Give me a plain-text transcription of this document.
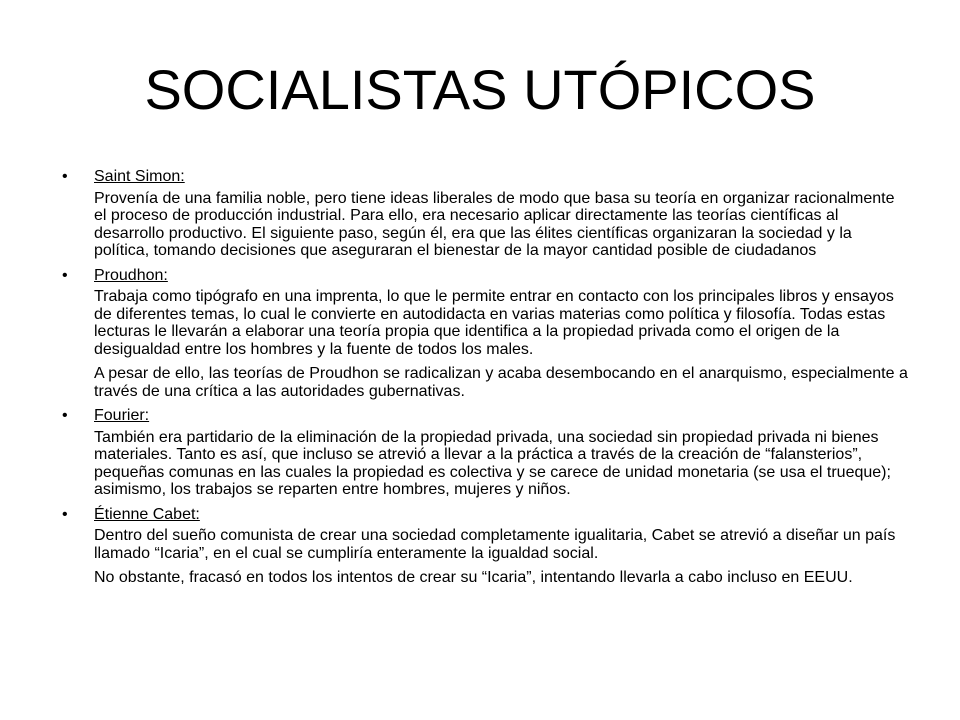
SOCIALISTAS UTÓPICOS
• Saint Simon:

Provenía de una familia noble, pero tiene ideas liberales de modo que basa su teoría en organizar racionalmente el proceso de producción industrial. Para ello, era necesario aplicar directamente las teorías científicas al desarrollo productivo. El siguiente paso, según él, era que las élites científicas organizaran la sociedad y la política, tomando decisiones que aseguraran el bienestar de la mayor cantidad posible de ciudadanos

• Proudhon:

Trabaja como tipógrafo en una imprenta, lo que le permite entrar en contacto con los principales libros y ensayos de diferentes temas, lo cual le convierte en autodidacta en varias materias como política y filosofía. Todas estas lecturas le llevarán a elaborar una teoría propia que identifica a la propiedad privada como el origen de la desigualdad entre los hombres y la fuente de todos los males.

A pesar de ello, las teorías de Proudhon se radicalizan y acaba desembocando en el anarquismo, especialmente a través de una crítica a las autoridades gubernativas.

• Fourier:

También era partidario de la eliminación de la propiedad privada, una sociedad sin propiedad privada ni bienes materiales. Tanto es así, que incluso se atrevió a llevar a la práctica a través de la creación de “falansterios”, pequeñas comunas en las cuales la propiedad es colectiva y se carece de unidad monetaria (se usa el trueque); asimismo, los trabajos se reparten entre hombres, mujeres y niños.

• Étienne Cabet:

Dentro del sueño comunista de crear una sociedad completamente igualitaria, Cabet se atrevió a diseñar un país llamado “Icaria”, en el cual se cumpliría enteramente la igualdad social.

No obstante, fracasó en todos los intentos de crear su “Icaria”, intentando llevarla a cabo incluso en EEUU.
